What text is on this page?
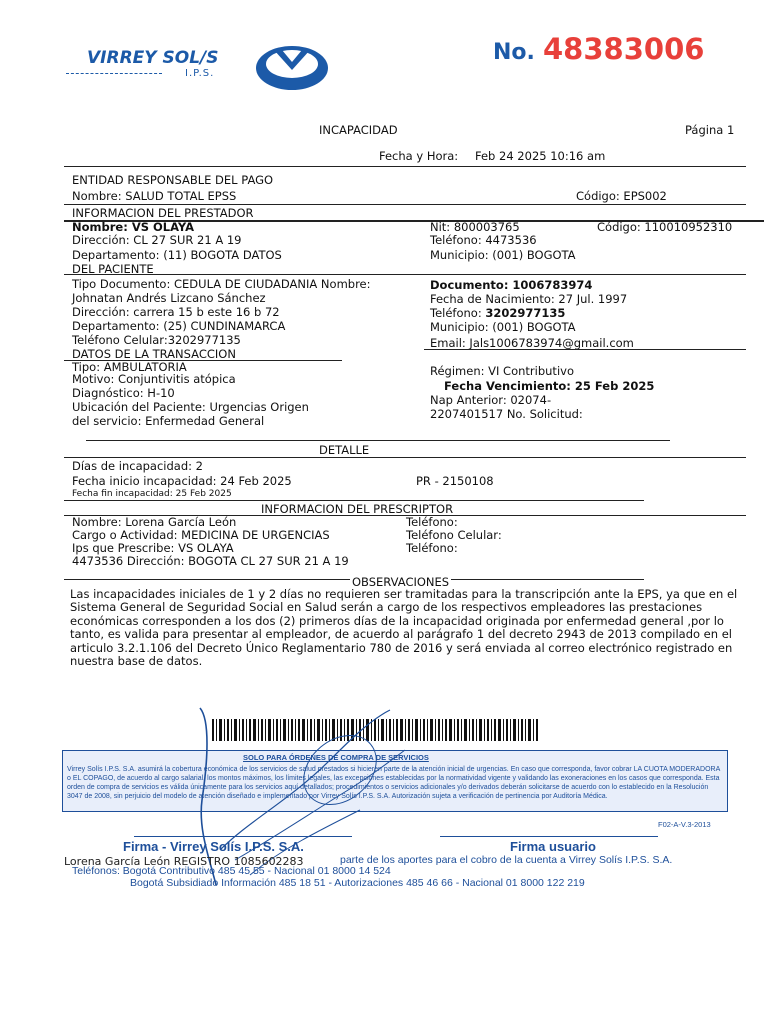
VIRREY SOL/S
I.P.S.
No. 48383006
INCAPACIDAD	Página 1
Fecha y Hora: Feb 24 2025 10:16 am
ENTIDAD RESPONSABLE DEL PAGO
Nombre: SALUD TOTAL EPSS	Código: EPS002
INFORMACION DEL PRESTADOR
Nombre: VS OLAYA	Nit: 800003765	Código: 110010952310
Dirección: CL 27 SUR 21 A 19	Teléfono: 4473536
Departamento: (11) BOGOTA DATOS	Municipio: (001) BOGOTA
DEL PACIENTE
Tipo Documento: CEDULA DE CIUDADANIA Nombre:
Johnatan Andrés Lizcano Sánchez
Dirección: carrera 15 b este 16 b 72
Departamento: (25) CUNDINAMARCA
Teléfono Celular:3202977135
Documento: 1006783974
Fecha de Nacimiento: 27 Jul. 1997
Teléfono: 3202977135
Municipio: (001) BOGOTA
Email: Jals1006783974@gmail.com
DATOS DE LA TRANSACCION
Tipo: AMBULATORIA
Motivo: Conjuntivitis atópica
Diagnóstico: H-10
Ubicación del Paciente: Urgencias Origen
del servicio: Enfermedad General
Régimen: VI Contributivo
Fecha Vencimiento: 25 Feb 2025
Nap Anterior: 02074-
2207401517 No. Solicitud:
DETALLE
Días de incapacidad: 2
Fecha inicio incapacidad: 24 Feb 2025	PR - 2150108
Fecha fin incapacidad: 25 Feb 2025
INFORMACION DEL PRESCRIPTOR
Nombre: Lorena García León
Cargo o Actividad: MEDICINA DE URGENCIAS
Ips que Prescribe: VS OLAYA
4473536 Dirección: BOGOTA CL 27 SUR 21 A 19
Teléfono:
Teléfono Celular:
Teléfono:
OBSERVACIONES
Las incapacidades iniciales de 1 y 2 días no requieren ser tramitadas para la transcripción ante la EPS, ya que en el Sistema General de Seguridad Social en Salud serán a cargo de los respectivos empleadores las prestaciones económicas corresponden a los dos (2) primeros días de la incapacidad originada por enfermedad general ,por lo tanto, es valida para presentar al empleador, de acuerdo al parágrafo 1 del decreto 2943 de 2013 compilado en el articulo 3.2.1.106 del Decreto Único Reglamentario 780 de 2016 y será enviada al correo electrónico registrado en nuestra base de datos.
SOLO PARA ÓRDENES DE COMPRA DE SERVICIOS
Virrey Solís I.P.S. S.A. asumirá la cobertura económica de los servicios de salud prestados si hicieren parte de la atención inicial de urgencias. En caso que corresponda, favor cobrar LA CUOTA MODERADORA o EL COPAGO, de acuerdo al cargo salarial, los montos máximos, los límites legales, las excepciones establecidas por la normatividad vigente y validando las exoneraciones en los casos que corresponda. Esta orden de compra de servicios es válida únicamente para los servicios aquí detallados; procedimientos o servicios adicionales y/o derivados deberán solicitarse de acuerdo con lo establecido en la Resolución 3047 de 2008, sin perjuicio del modelo de atención diseñado e implementado por Virrey Solís I.P.S. S.A. Autorización sujeta a verificación de pertinencia por Auditoría Médica.
F02-A-V.3-2013
Firma - Virrey Solís I.P.S. S.A.	Firma usuario
Lorena García León REGISTRO 1085602283	parte de los aportes para el cobro de la cuenta a Virrey Solís I.P.S. S.A.
Teléfonos: Bogotá Contributivo 485 45 55 - Nacional 01 8000 14 524
Bogotá Subsidiado Información 485 18 51 - Autorizaciones 485 46 66 - Nacional 01 8000 122 219
